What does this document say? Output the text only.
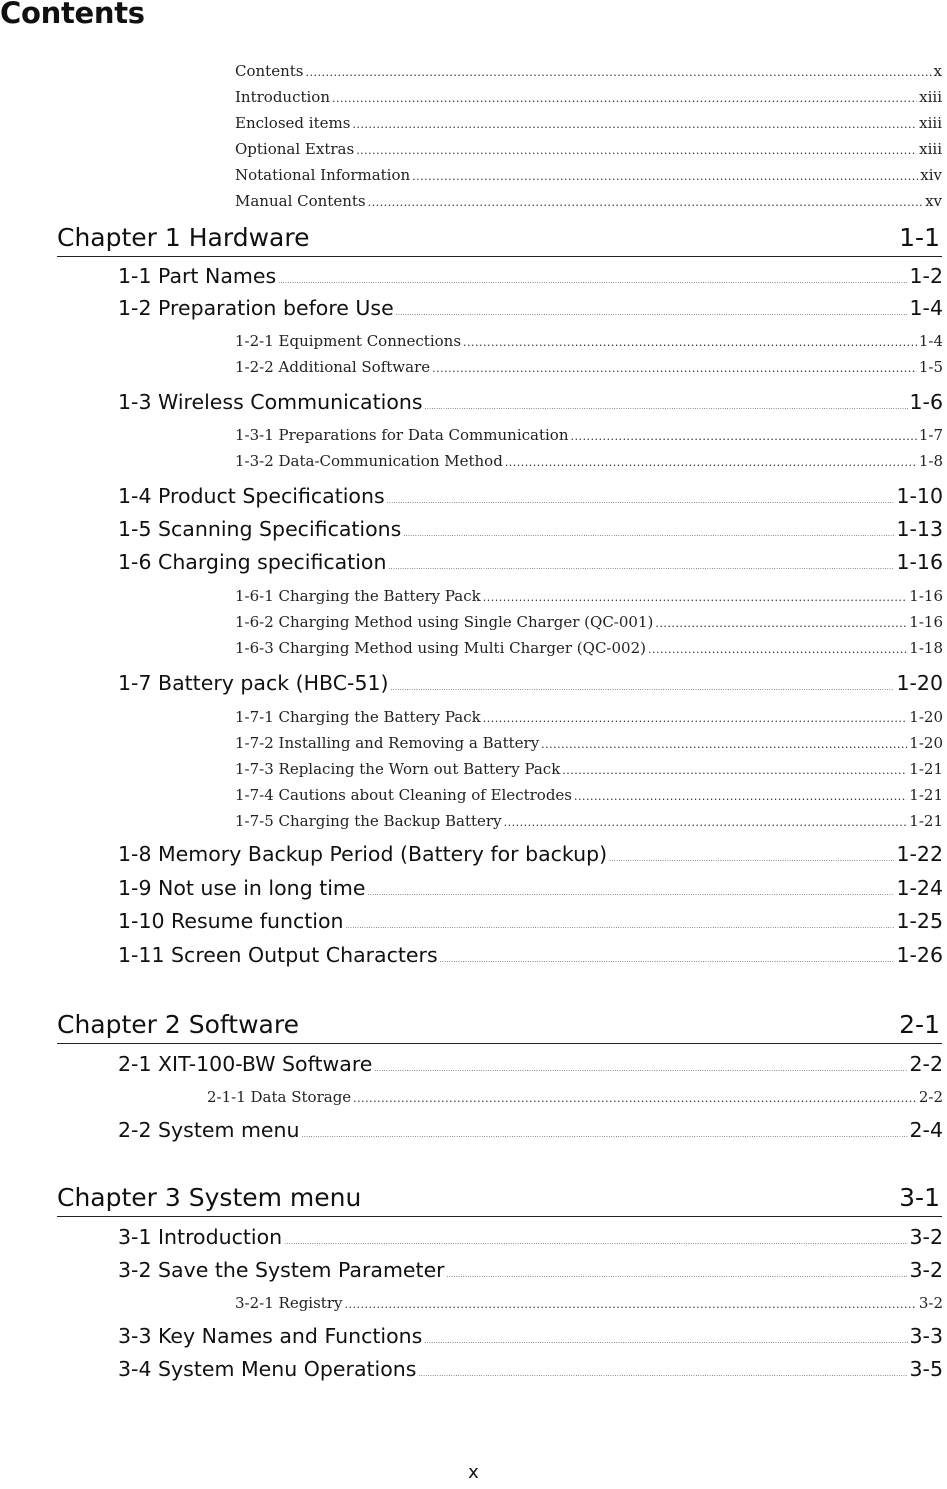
Contents
Contents .....	x
Introduction .....	xiii
Enclosed items .....	xiii
Optional Extras .....	xiii
Notational Information .....	xiv
Manual Contents .....	xv
Chapter 1 Hardware	1-1
1-1 Part Names .....	1-2
1-2 Preparation before Use .....	1-4
1-2-1 Equipment Connections .....	1-4
1-2-2 Additional Software .....	1-5
1-3 Wireless Communications .....	1-6
1-3-1 Preparations for Data Communication .....	1-7
1-3-2 Data-Communication Method .....	1-8
1-4 Product Specifications .....	1-10
1-5 Scanning Specifications .....	1-13
1-6 Charging specification .....	1-16
1-6-1 Charging the Battery Pack .....	1-16
1-6-2 Charging Method using Single Charger (QC-001) .....	1-16
1-6-3 Charging Method using Multi Charger (QC-002) .....	1-18
1-7 Battery pack (HBC-51) .....	1-20
1-7-1 Charging the Battery Pack .....	1-20
1-7-2 Installing and Removing a Battery .....	1-20
1-7-3 Replacing the Worn out Battery Pack .....	1-21
1-7-4 Cautions about Cleaning of Electrodes .....	1-21
1-7-5 Charging the Backup Battery .....	1-21
1-8 Memory Backup Period (Battery for backup) .....	1-22
1-9 Not use in long time .....	1-24
1-10 Resume function .....	1-25
1-11 Screen Output Characters .....	1-26
Chapter 2 Software	2-1
2-1 XIT-100-BW Software .....	2-2
2-1-1 Data Storage .....	2-2
2-2 System menu .....	2-4
Chapter 3 System menu	3-1
3-1 Introduction .....	3-2
3-2 Save the System Parameter .....	3-2
3-2-1 Registry .....	3-2
3-3 Key Names and Functions .....	3-3
3-4 System Menu Operations .....	3-5
x
